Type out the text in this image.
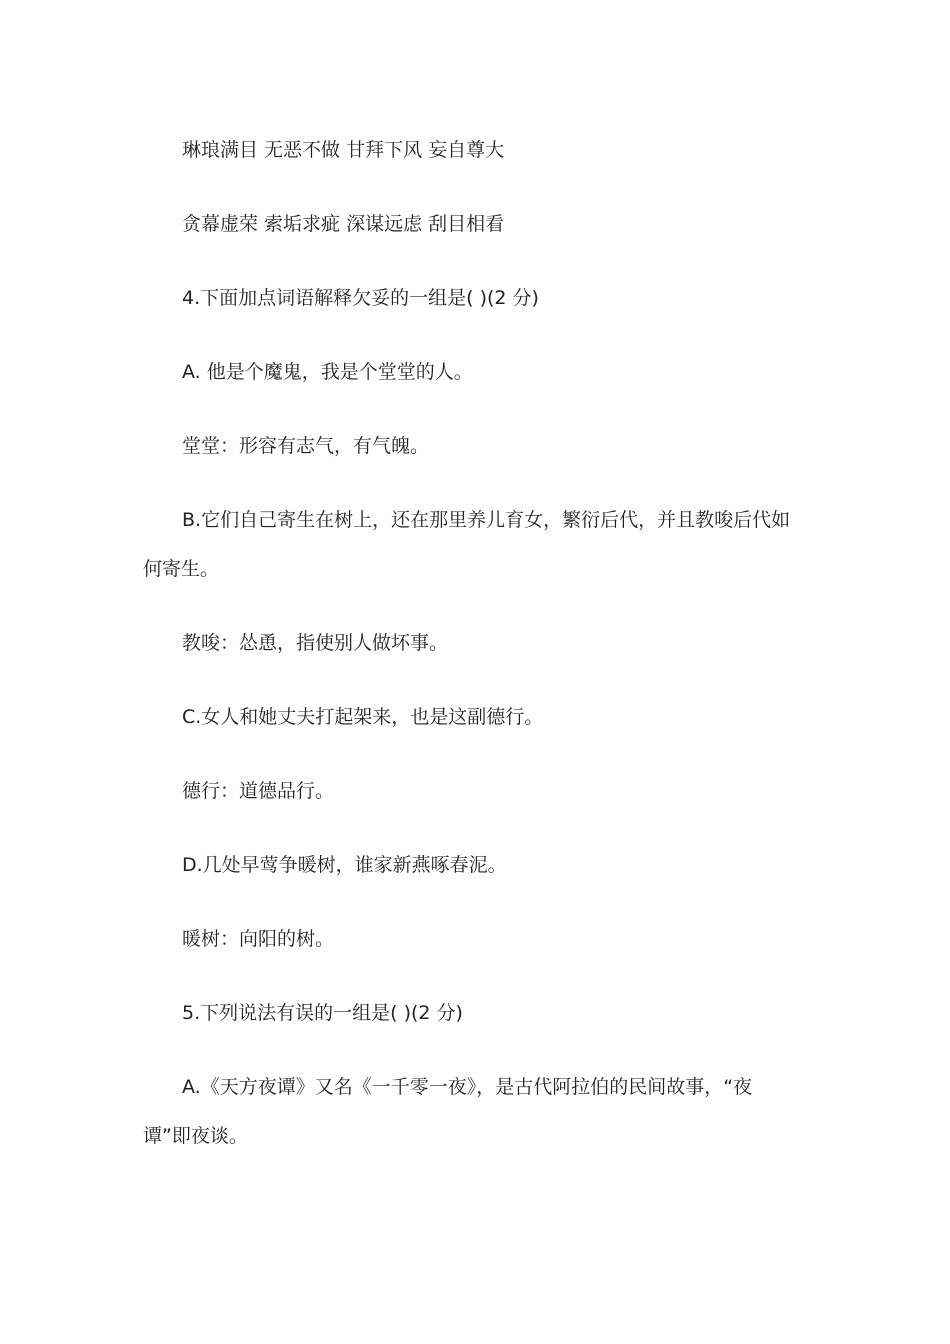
琳琅满目 无恶不做 甘拜下风 妄自尊大
贪幕虚荣 索垢求疵 深谋远虑 刮目相看
4.下面加点词语解释欠妥的一组是( )(2 分)
A. 他是个魔鬼，我是个堂堂的人。
堂堂：形容有志气，有气魄。
B.它们自己寄生在树上，还在那里养儿育女，繁衍后代，并且教唆后代如
何寄生。
教唆：怂恿，指使别人做坏事。
C.女人和她丈夫打起架来，也是这副德行。
德行：道德品行。
D.几处早莺争暖树，谁家新燕啄春泥。
暖树：向阳的树。
5.下列说法有误的一组是( )(2 分)
A.《天方夜谭》又名《一千零一夜》，是古代阿拉伯的民间故事，“夜
谭”即夜谈。
